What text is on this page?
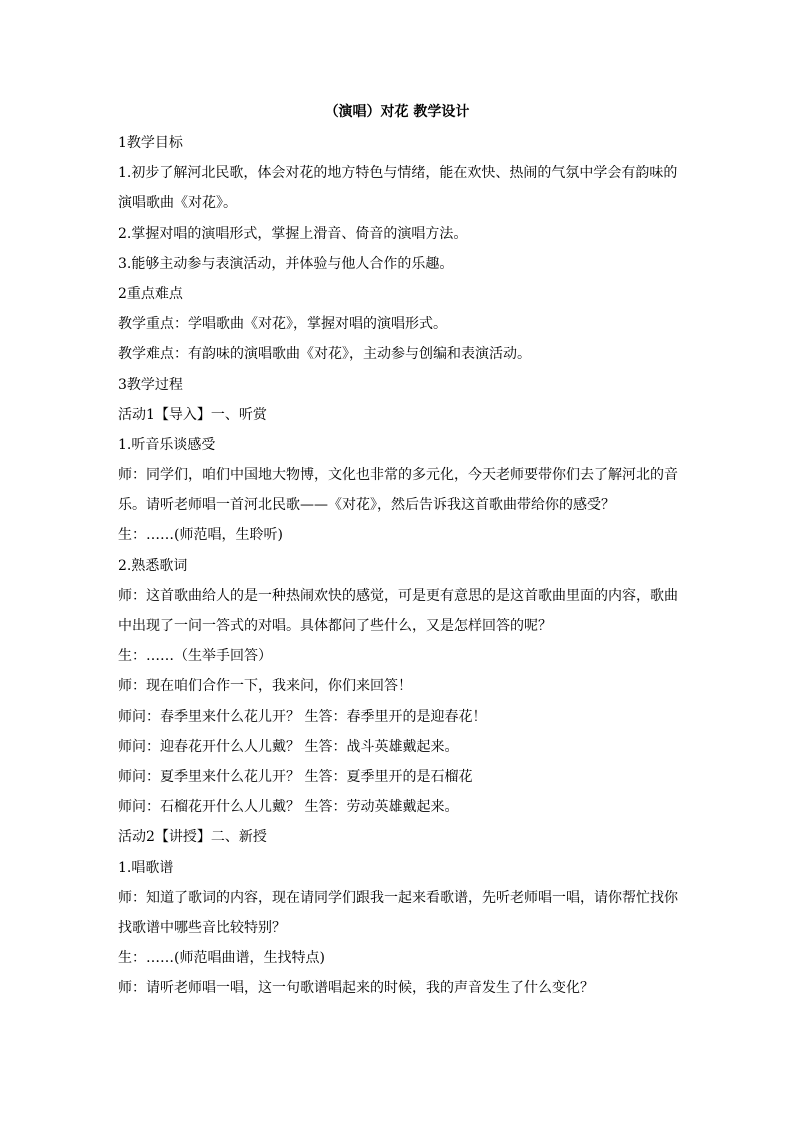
（演唱）对花 教学设计
1教学目标
1.初步了解河北民歌，体会对花的地方特色与情绪，能在欢快、热闹的气氛中学会有韵味的
演唱歌曲《对花》。
2.掌握对唱的演唱形式，掌握上滑音、倚音的演唱方法。
3.能够主动参与表演活动，并体验与他人合作的乐趣。
2重点难点
教学重点：学唱歌曲《对花》，掌握对唱的演唱形式。
教学难点：有韵味的演唱歌曲《对花》，主动参与创编和表演活动。
3教学过程
活动1【导入】一、听赏
1.听音乐谈感受
师：同学们，咱们中国地大物博，文化也非常的多元化，今天老师要带你们去了解河北的音
乐。请听老师唱一首河北民歌——《对花》，然后告诉我这首歌曲带给你的感受？
生：……(师范唱，生聆听)
2.熟悉歌词
师：这首歌曲给人的是一种热闹欢快的感觉，可是更有意思的是这首歌曲里面的内容，歌曲
中出现了一问一答式的对唱。具体都问了些什么，又是怎样回答的呢？
生：……（生举手回答）
师：现在咱们合作一下，我来问，你们来回答！
师问：春季里来什么花儿开？ 生答：春季里开的是迎春花！
师问：迎春花开什么人儿戴？ 生答：战斗英雄戴起来。
师问：夏季里来什么花儿开？ 生答：夏季里开的是石榴花
师问：石榴花开什么人儿戴？ 生答：劳动英雄戴起来。
活动2【讲授】二、新授
1.唱歌谱
师：知道了歌词的内容，现在请同学们跟我一起来看歌谱，先听老师唱一唱，请你帮忙找你
找歌谱中哪些音比较特别？
生：……(师范唱曲谱，生找特点)
师：请听老师唱一唱，这一句歌谱唱起来的时候，我的声音发生了什么变化？
